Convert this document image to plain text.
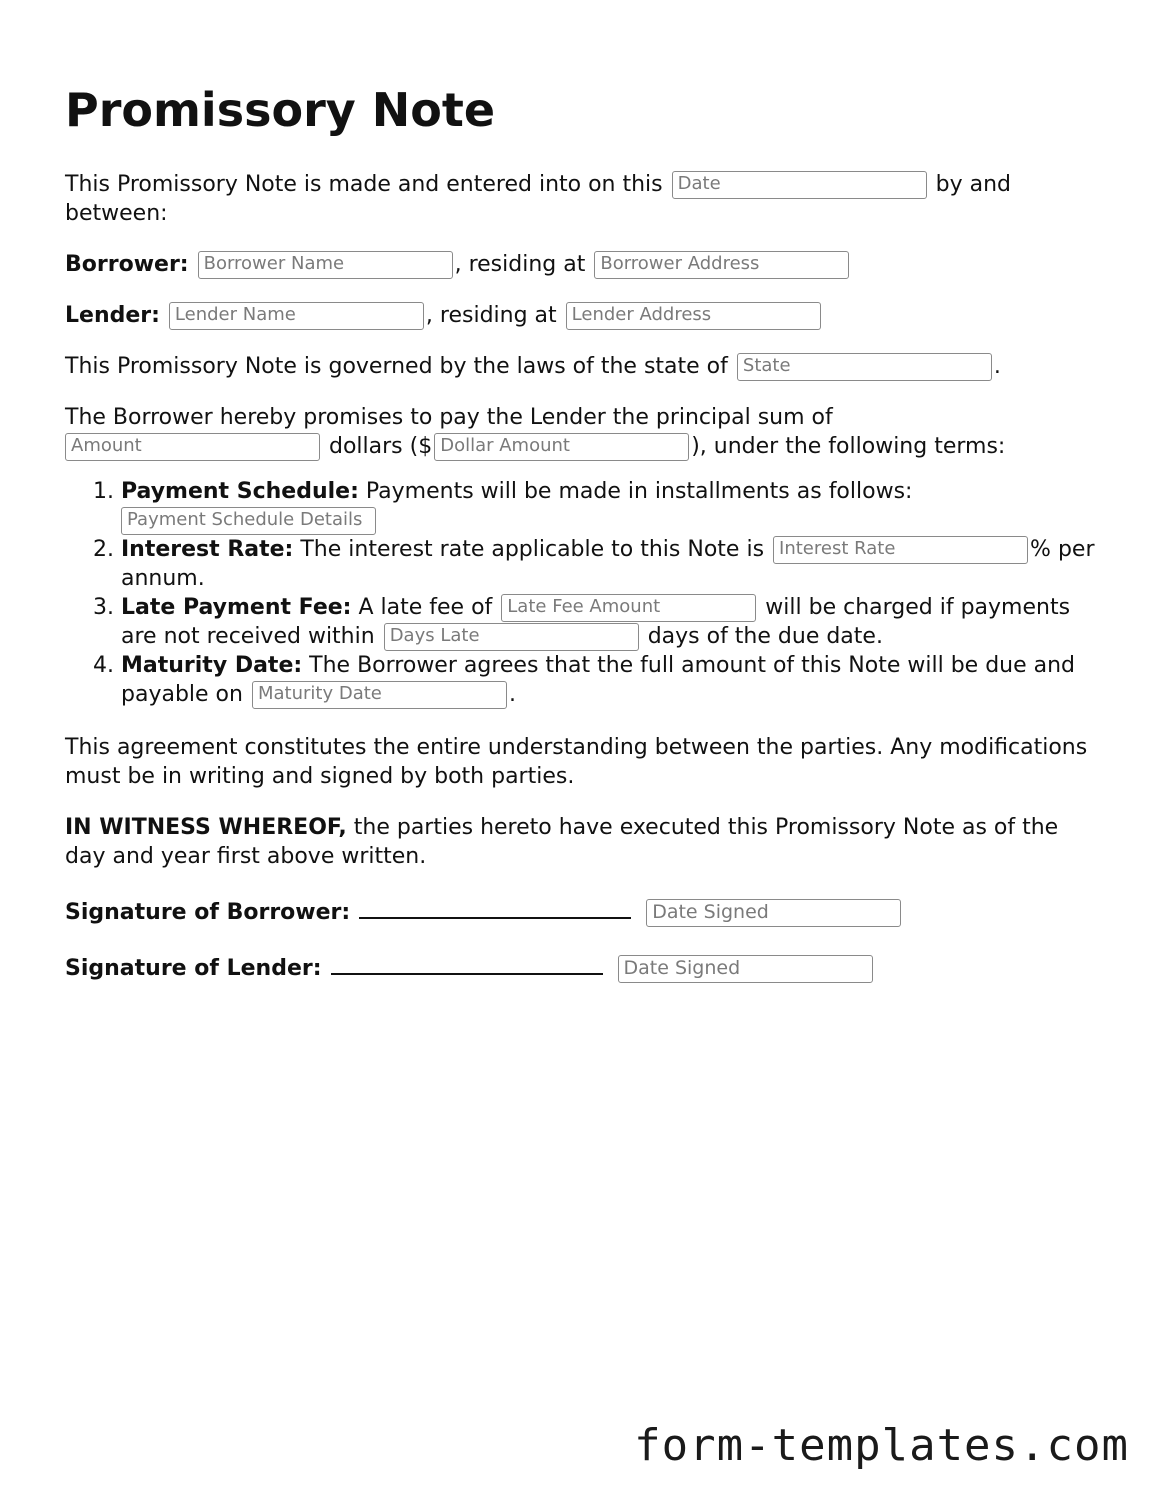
Promissory Note

This Promissory Note is made and entered into on this Date	by and between:

Borrower: Borrower Name	, residing at Borrower Address

Lender: Lender Name	, residing at Lender Address

This Promissory Note is governed by the laws of the state of State	.

The Borrower hereby promises to pay the Lender the principal sum of
Amount	dollars ($ Dollar Amount	), under the following terms:

1. Payment Schedule: Payments will be made in installments as follows:
Payment Schedule Details
2. Interest Rate: The interest rate applicable to this Note is Interest Rate	% per annum.
3. Late Payment Fee: A late fee of Late Fee Amount	will be charged if payments are not received within Days Late	days of the due date.
4. Maturity Date: The Borrower agrees that the full amount of this Note will be due and payable on Maturity Date	.

This agreement constitutes the entire understanding between the parties. Any modifications must be in writing and signed by both parties.

IN WITNESS WHEREOF, the parties hereto have executed this Promissory Note as of the day and year first above written.

Signature of Borrower:	Date Signed
Signature of Lender:	Date Signed
form-templates.com
